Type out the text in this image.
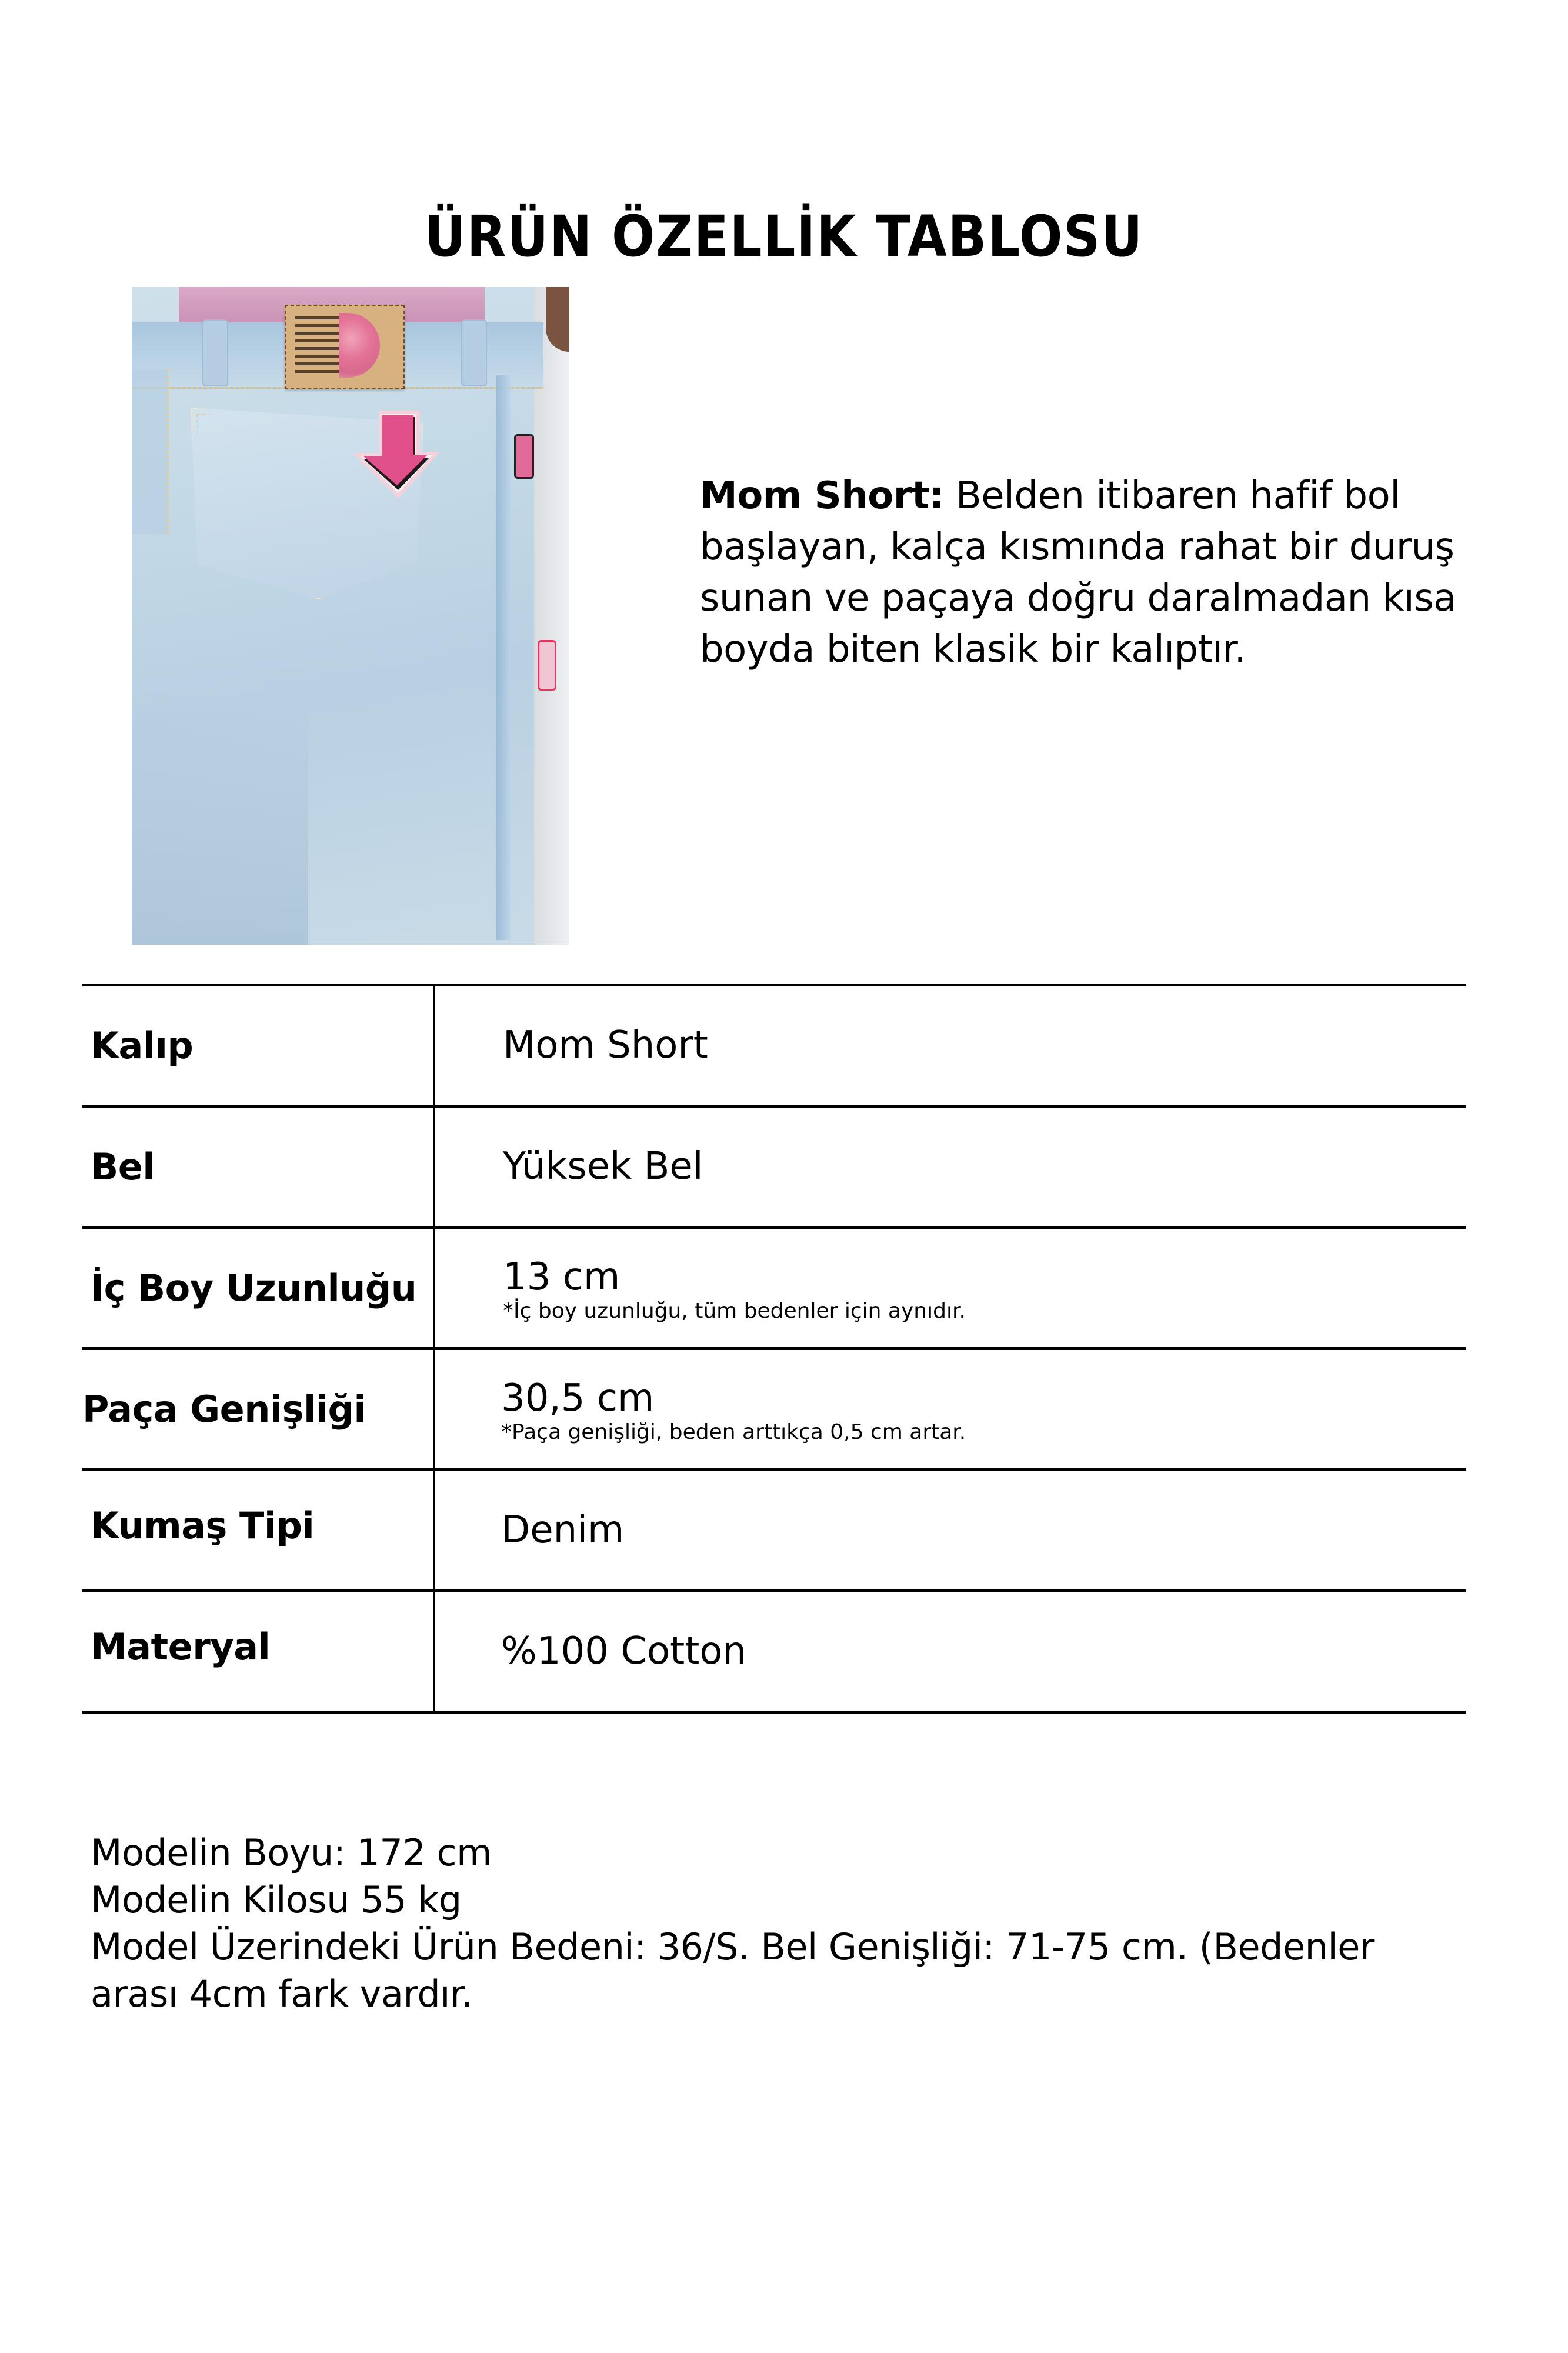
ÜRÜN ÖZELLİK TABLOSU
Mom Short: Belden itibaren hafif bol başlayan, kalça kısmında rahat bir duruş sunan ve paçaya doğru daralmadan kısa boyda biten klasik bir kalıptır.
Kalıp	Mom Short
Bel	Yüksek Bel
İç Boy Uzunluğu 13 cm
*İç boy uzunluğu, tüm bedenler için aynıdır.
Paça Genişliği	30,5 cm
*Paça genişliği, beden arttıkça 0,5 cm artar.
Kumaş Tipi	Denim
Materyal	%100 Cotton
Modelin Boyu: 172 cm
Modelin Kilosu 55 kg
Model Üzerindeki Ürün Bedeni: 36/S. Bel Genişliği: 71-75 cm. (Bedenler arası 4cm fark vardır.
